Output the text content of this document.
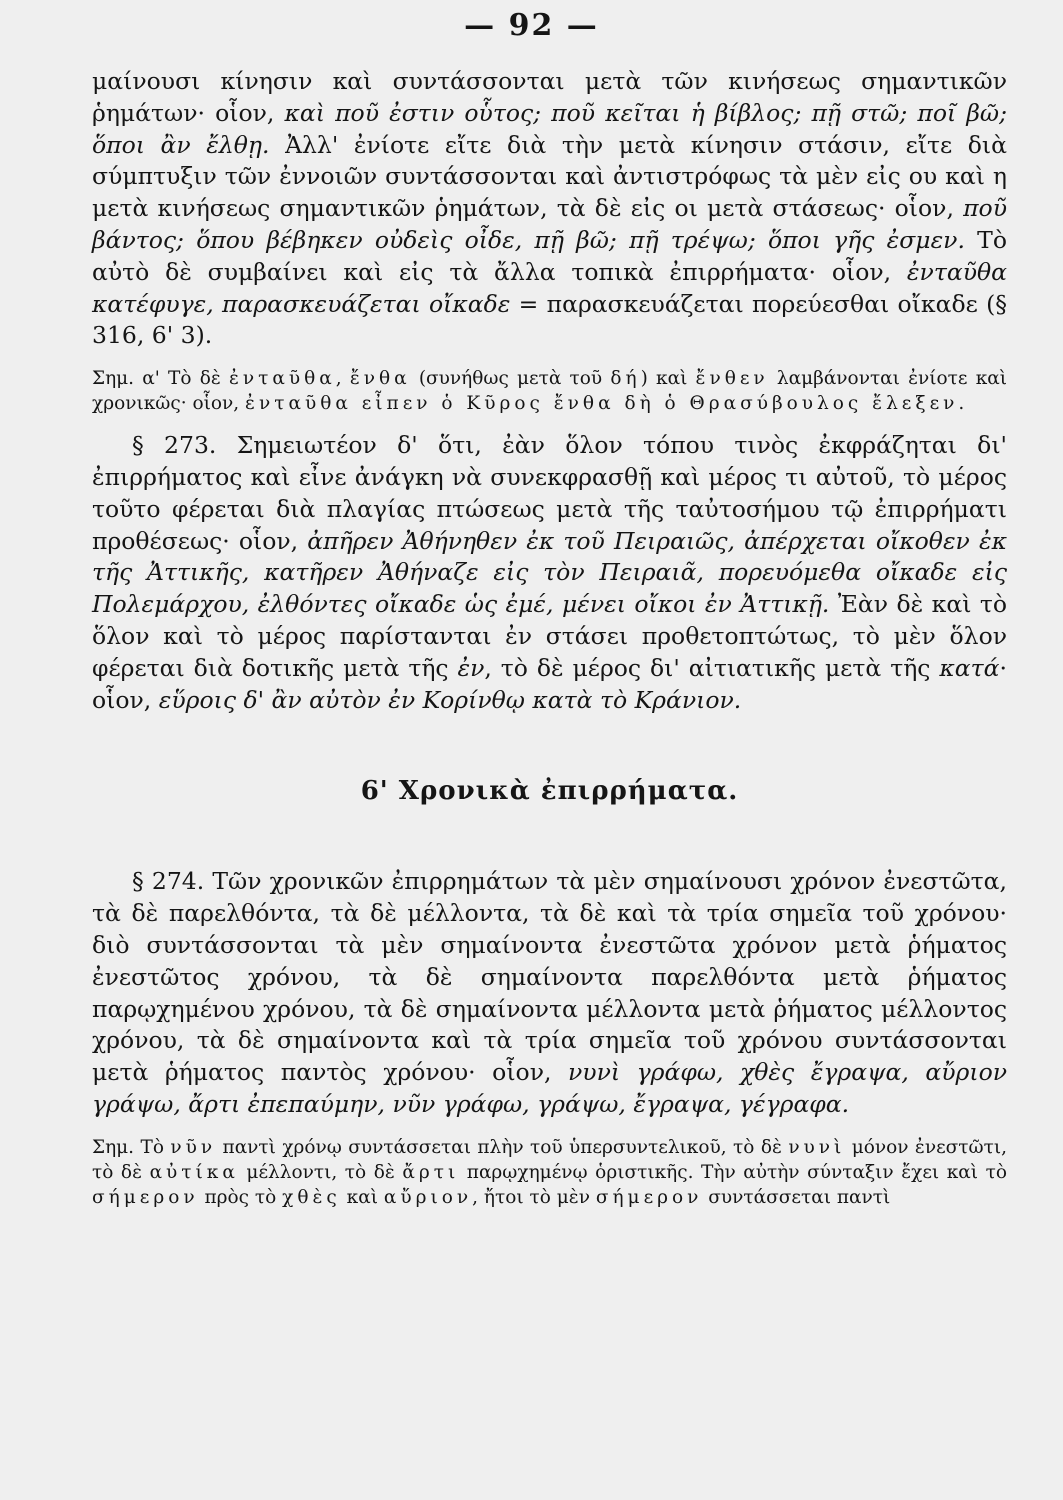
— 92 —

μαίνουσι κίνησιν καὶ συντάσσονται μετὰ τῶν κινήσεως σημαντικῶν ῥημάτων· οἷον, καὶ ποῦ ἐστιν οὗτος; ποῦ κεῖται ἡ βίβλος; πῇ στῶ; ποῖ βῶ; ὅποι ἂν ἔλθῃ. Ἀλλ' ἐνίοτε εἴτε διὰ τὴν μετὰ κίνησιν στάσιν, εἴτε διὰ σύμπτυξιν τῶν ἐννοιῶν συντάσσονται καὶ ἀντιστρόφως τὰ μὲν εἰς ου καὶ η μετὰ κινήσεως σημαντικῶν ῥημάτων, τὰ δὲ εἰς οι μετὰ στάσεως· οἷον, ποῦ βάντος; ὅπου βέβηκεν οὐδεὶς οἶδε, πῇ βῶ; πῇ τρέψω; ὅποι γῆς ἐσμεν. Τὸ αὐτὸ δὲ συμβαίνει καὶ εἰς τὰ ἄλλα τοπικὰ ἐπιρρήματα· οἷον, ἐνταῦθα κατέφυγε, παρασκευάζεται οἴκαδε = παρασκευάζεται πορεύεσθαι οἴκαδε (§ 316, 6' 3).

Σημ. α' Τὸ δὲ ἐνταῦθα, ἔνθα (συνήθως μετὰ τοῦ δή) καὶ ἔνθεν λαμβάνονται ἐνίοτε καὶ χρονικῶς· οἷον, ἐνταῦθα εἶπεν ὁ Κῦρος ἔνθα δὴ ὁ Θρασύβουλος ἔλεξεν.

§ 273. Σημειωτέον δ' ὅτι, ἐὰν ὅλον τόπου τινὸς ἐκφράζηται δι' ἐπιρρήματος καὶ εἶνε ἀνάγκη νὰ συνεκφρασθῇ καὶ μέρος τι αὐτοῦ, τὸ μέρος τοῦτο φέρεται διὰ πλαγίας πτώσεως μετὰ τῆς ταὐτοσήμου τῷ ἐπιρρήματι προθέσεως· οἷον, ἀπῆρεν Ἀθήνηθεν ἐκ τοῦ Πειραιῶς, ἀπέρχεται οἴκοθεν ἐκ τῆς Ἀττικῆς, κατῆρεν Ἀθήναζε εἰς τὸν Πειραιᾶ, πορευόμεθα οἴκαδε εἰς Πολεμάρχου, ἐλθόντες οἴκαδε ὡς ἐμέ, μένει οἴκοι ἐν Ἀττικῇ. Ἐὰν δὲ καὶ τὸ ὅλον καὶ τὸ μέρος παρίστανται ἐν στάσει προθετοπτώτως, τὸ μὲν ὅλον φέρεται διὰ δοτικῆς μετὰ τῆς ἐν, τὸ δὲ μέρος δι' αἰτιατικῆς μετὰ τῆς κατά· οἷον, εὕροις δ' ἂν αὐτὸν ἐν Κορίνθῳ κατὰ τὸ Κράνιον.

6' Χρονικὰ ἐπιρρήματα.

§ 274. Τῶν χρονικῶν ἐπιρρημάτων τὰ μὲν σημαίνουσι χρόνον ἐνεστῶτα, τὰ δὲ παρελθόντα, τὰ δὲ μέλλοντα, τὰ δὲ καὶ τὰ τρία σημεῖα τοῦ χρόνου· διὸ συντάσσονται τὰ μὲν σημαίνοντα ἐνεστῶτα χρόνον μετὰ ῥήματος ἐνεστῶτος χρόνου, τὰ δὲ σημαίνοντα παρελθόντα μετὰ ῥήματος παρῳχημένου χρόνου, τὰ δὲ σημαίνοντα μέλλοντα μετὰ ῥήματος μέλλοντος χρόνου, τὰ δὲ σημαίνοντα καὶ τὰ τρία σημεῖα τοῦ χρόνου συντάσσονται μετὰ ῥήματος παντὸς χρόνου· οἷον, νυνὶ γράφω, χθὲς ἔγραψα, αὔριον γράψω, ἄρτι ἐπεπαύμην, νῦν γράφω, γράψω, ἔγραψα, γέγραφα.

Σημ. Τὸ νῦν παντὶ χρόνῳ συντάσσεται πλὴν τοῦ ὑπερσυντελικοῦ, τὸ δὲ νυνὶ μόνον ἐνεστῶτι, τὸ δὲ αὐτίκα μέλλοντι, τὸ δὲ ἄρτι παρῳχημένῳ ὁριστικῆς. Τὴν αὐτὴν σύνταξιν ἔχει καὶ τὸ σήμερον πρὸς τὸ χθὲς καὶ αὔριον, ἤτοι τὸ μὲν σήμερον συντάσσεται παντὶ
